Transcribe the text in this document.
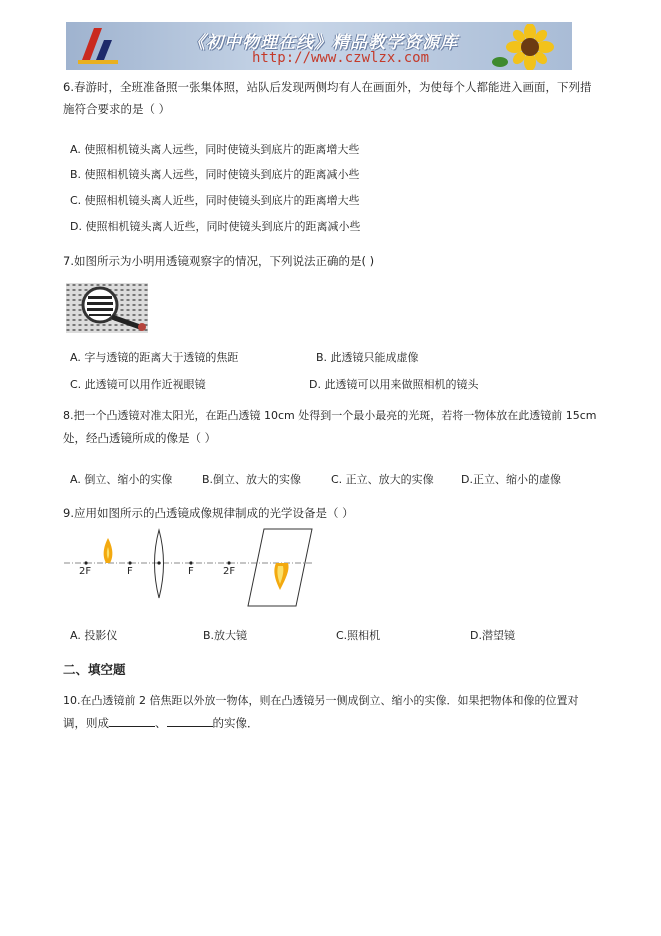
《初中物理在线》精品教学资源库
http://www.czwlzx.com
6.春游时，全班准备照一张集体照，站队后发现两侧均有人在画面外，为使每个人都能进入画面，下列措
施符合要求的是（ ）
A. 使照相机镜头离人远些，同时使镜头到底片的距离增大些
B. 使照相机镜头离人远些，同时使镜头到底片的距离减小些
C. 使照相机镜头离人近些，同时使镜头到底片的距离增大些
D. 使照相机镜头离人近些，同时使镜头到底片的距离减小些
7.如图所示为小明用透镜观察字的情况，下列说法正确的是( )
A. 字与透镜的距离大于透镜的焦距	B. 此透镜只能成虚像
C. 此透镜可以用作近视眼镜	D. 此透镜可以用来做照相机的镜头
8.把一个凸透镜对准太阳光，在距凸透镜 10cm 处得到一个最小最亮的光斑，若将一物体放在此透镜前 15cm
处，经凸透镜所成的像是（ ）
A. 倒立、缩小的实像	B.倒立、放大的实像	C. 正立、放大的实像 D.正立、缩小的虚像
9.应用如图所示的凸透镜成像规律制成的光学设备是（ ）
2F	F	F	2F
A. 投影仪	B.放大镜	C.照相机	D.潜望镜
二、填空题
10.在凸透镜前 2 倍焦距以外放一物体，则在凸透镜另一侧成倒立、缩小的实像．如果把物体和像的位置对
调，则成	、	的实像．
